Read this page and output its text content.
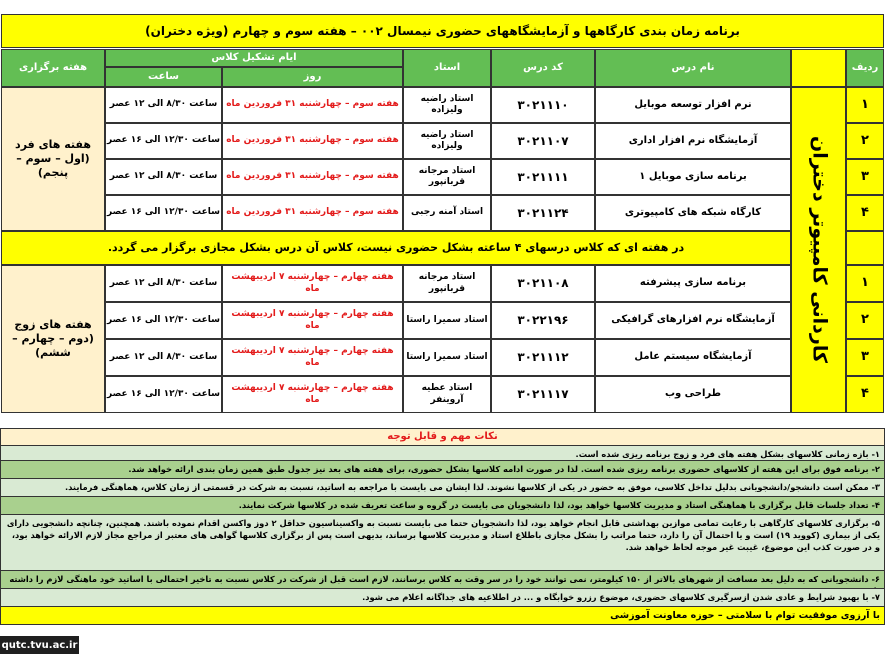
برنامه زمان بندی کارگاهها و آزمایشگاههای حضوری نیمسال ۰۰۲ – هفته سوم و چهارم (ویژه دختران)
ردیف
نام درس
کد درس
استاد
ایام تشکیل کلاس
روز
ساعت
هفته برگزاری
کاردانی کامپیوتر دختران
هفته های فرد (اول – سوم – پنجم)
۱
نرم افزار توسعه موبایل
۳۰۲۱۱۱۰
استاد راضیه ولیزاده
هفته سوم – چهارشنبه ۳۱ فروردین ماه
ساعت ۸/۳۰ الی ۱۲ عصر
۲
آزمایشگاه نرم افزار اداری
۳۰۲۱۱۰۷
استاد راضیه ولیزاده
هفته سوم – چهارشنبه ۳۱ فروردین ماه
ساعت ۱۲/۳۰ الی ۱۶ عصر
۳
برنامه سازی موبایل ۱
۳۰۲۱۱۱۱
استاد مرجانه قربانپور
هفته سوم – چهارشنبه ۳۱ فروردین ماه
ساعت ۸/۳۰ الی ۱۲ عصر
۴
کارگاه شبکه های کامپیوتری
۳۰۲۱۱۲۴
استاد آمنه رجبی
هفته سوم – چهارشنبه ۳۱ فروردین ماه
ساعت ۱۲/۳۰ الی ۱۶ عصر
در هفته ای که کلاس درسهای ۴ ساعته بشکل حضوری نیست، کلاس آن درس بشکل مجازی برگزار می گردد.
هفته های زوج (دوم – چهارم – ششم)
۱
برنامه سازی پیشرفته
۳۰۲۱۱۰۸
استاد مرجانه قربانپور
هفته چهارم – چهارشنبه ۷ اردیبهشت ماه
ساعت ۸/۳۰ الی ۱۲ عصر
۲
آزمایشگاه نرم افزارهای گرافیکی
۳۰۲۲۱۹۶
استاد سمیرا راستا
هفته چهارم – چهارشنبه ۷ اردیبهشت ماه
ساعت ۱۲/۳۰ الی ۱۶ عصر
۳
آزمایشگاه سیستم عامل
۳۰۲۱۱۱۲
استاد سمیرا راستا
هفته چهارم – چهارشنبه ۷ اردیبهشت ماه
ساعت ۸/۳۰ الی ۱۲ عصر
۴
طراحی وب
۳۰۲۱۱۱۷
استاد عطیه آروینفر
هفته چهارم – چهارشنبه ۷ اردیبهشت ماه
ساعت ۱۲/۳۰ الی ۱۶ عصر
نکات مهم و قابل توجه
۱- بازه زمانی کلاسهای بشکل هفته های فرد و زوج برنامه ریزی شده است.
۲- برنامه فوق برای این هفته از کلاسهای حضوری برنامه ریزی شده است. لذا در صورت ادامه کلاسها بشکل حضوری، برای هفته های بعد نیز جدول طبق همین زمان بندی ارائه خواهد شد.
۳- ممکن است دانشجو/دانشجویانی بدلیل تداخل کلاسی، موفق به حضور در یکی از کلاسها نشوند. لذا ایشان می بایست با مراجعه به اساتید، نسبت به شرکت در قسمتی از زمان کلاس، هماهنگی فرمایند.
۴- تعداد جلسات قابل برگزاری با هماهنگی استاد و مدیریت کلاسها خواهد بود، لذا دانشجویان می بایست در گروه و ساعت تعریف شده در کلاسها شرکت نمایند.
۵- برگزاری کلاسهای کارگاهی با رعایت تمامی موازین بهداشتی قابل انجام خواهد بود، لذا دانشجویان حتما می بایست نسبت به واکسیناسیون حداقل ۲ دوز واکسن اقدام نموده باشند. همچنین، چنانچه دانشجویی دارای یکی از بیماری (کووید ۱۹) است و یا احتمال آن را دارد، حتما مراتب را بشکل مجازی باطلاع استاد و مدیریت کلاسها برساند، بدیهی است پس از برگزاری کلاسها گواهی های معتبر از مراجع مجاز لازم الارائه خواهد بود، و در صورت کذب این موضوع، غیبت غیر موجه لحاظ خواهد شد.
۶- دانشجویانی که به دلیل بعد مسافت از شهرهای بالاتر از ۱۵۰ کیلومتر، نمی توانند خود را در سر وقت به کلاس برسانند، لازم است قبل از شرکت در کلاس نسبت به تاخیر احتمالی با اساتید خود ماهنگی لازم را داشته
۷- با بهبود شرایط و عادی شدن ازسرگیری کلاسهای حضوری، موضوع رزرو خوابگاه و ... در اطلاعیه های جداگانه اعلام می شود.
با آرزوی موفقیت توام با سلامتی – حوزه معاونت آموزشی
qutc.tvu.ac.ir
